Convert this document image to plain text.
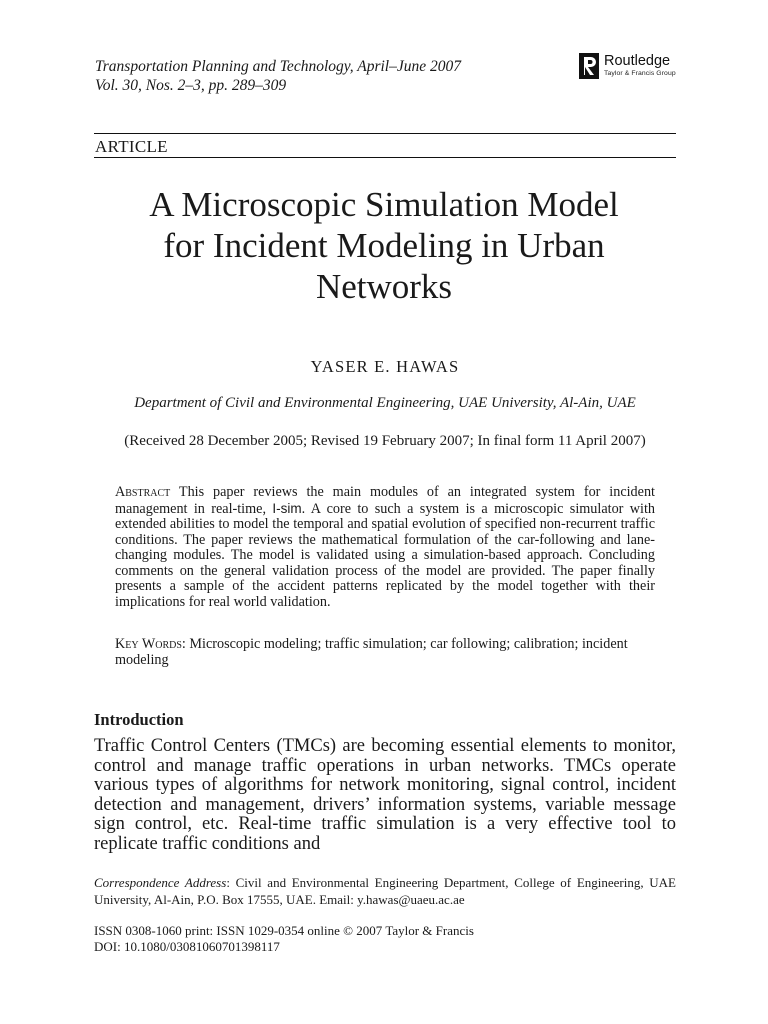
Transportation Planning and Technology, April–June 2007
Vol. 30, Nos. 2–3, pp. 289–309
Routledge
Taylor & Francis Group
ARTICLE
A Microscopic Simulation Model
for Incident Modeling in Urban
Networks
YASER E. HAWAS
Department of Civil and Environmental Engineering, UAE University, Al-Ain, UAE
(Received 28 December 2005; Revised 19 February 2007; In final form 11 April 2007)
Abstract This paper reviews the main modules of an integrated system for incident management in real-time, I-sim. A core to such a system is a microscopic simulator with extended abilities to model the temporal and spatial evolution of specified non-recurrent traffic conditions. The paper reviews the mathematical formulation of the car-following and lane-changing modules. The model is validated using a simulation-based approach. Concluding comments on the general validation process of the model are provided. The paper finally presents a sample of the accident patterns replicated by the model together with their implications for real world validation.
Key Words: Microscopic modeling; traffic simulation; car following; calibration; incident modeling
Introduction
Traffic Control Centers (TMCs) are becoming essential elements to monitor, control and manage traffic operations in urban networks. TMCs operate various types of algorithms for network monitoring, signal control, incident detection and management, drivers’ information systems, variable message sign control, etc. Real-time traffic simulation is a very effective tool to replicate traffic conditions and
Correspondence Address: Civil and Environmental Engineering Department, College of Engineering, UAE University, Al-Ain, P.O. Box 17555, UAE. Email: y.hawas@uaeu.ac.ae
ISSN 0308-1060 print: ISSN 1029-0354 online © 2007 Taylor & Francis
DOI: 10.1080/03081060701398117
